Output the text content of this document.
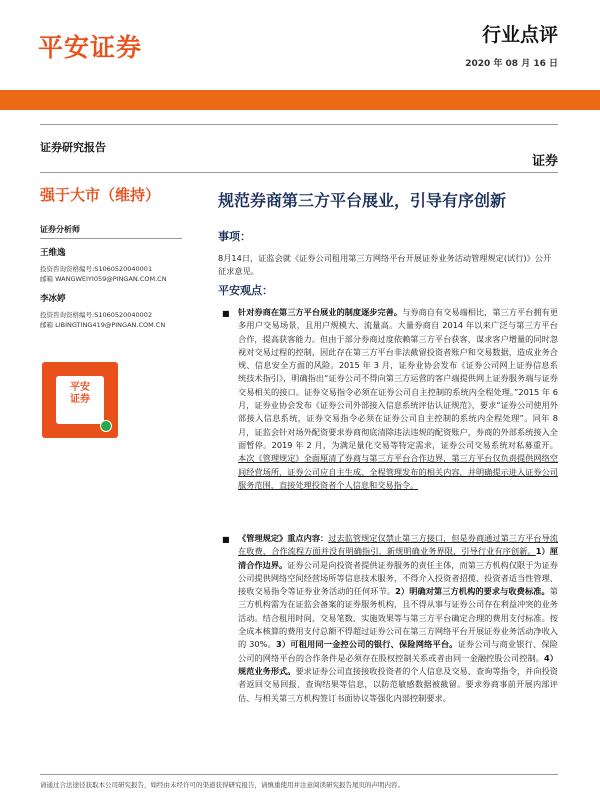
平安证券	行业点评
2020 年 08 月 16 日
证券研究报告
证券
强于大市（维持）	规范券商第三方平台展业，引导有序创新
证券分析师
王维逸
投资咨询资格编号:S1060520040001
邮箱 WANGWEIYI059@PINGAN.COM.CN
李冰婷
投资咨询资格编号:S1060520040002
邮箱 LIBINGTING419@PINGAN.COM.CN
平安
证券
事项：
8月14日，证监会就《证券公司租用第三方网络平台开展证券业务活动管理规定(试行)》公开征求意见。
平安观点：
■ 针对券商在第三方平台展业的制度逐步完善。与券商自有交易端相比，第三方平台拥有更多用户交易场景，且用户规模大、流量高。大量券商自 2014 年以来广泛与第三方平台合作，提高获客能力。但由于部分券商过度依赖第三方平台获客，谋求客户增量的同时忽视对交易过程的控制，因此存在第三方平台非法截留投资者账户和交易数据，造成业务合规、信息安全方面的风险。2015 年 3 月，证券业协会发布《证券公司网上证券信息系统技术指引》，明确指出“证券公司不得向第三方运营的客户端提供网上证券服务端与证券交易相关的接口。证券交易指令必须在证券公司自主控制的系统内全程处理。”2015 年 6 月，证券业协会发布《证券公司外部接入信息系统评估认证规范》，要求“证券公司使用外部接入信息系统，证券交易指令必须在证券公司自主控制的系统内全程处理”。同年 8 月，证监会针对场外配资要求券商彻底清除违法违规的配资账户，券商的外部系统接入全面暂停。2019 年 2 月，为满足量化交易等特定需求，证券公司交易系统对私募重开。本次《管理规定》全面厘清了券商与第三方平台合作边界，第三方平台仅负责提供网络空间经营场所，证券公司应自主生成、全程管理发布的相关内容，并明确提示进入证券公司服务范围，直接处理投资者个人信息和交易指令。
■ 《管理规定》重点内容：过去监管规定仅禁止第三方接口，但是券商通过第三方平台导流在收费、合作流程方面并没有明确指引，新规明确业务界限，引导行业有序创新。1）厘清合作边界。证券公司是向投资者提供证券服务的责任主体，而第三方机构仅限于为证券公司提供网络空间经营场所等信息技术服务，不得介入投资者招揽、投资者适当性管理、接收交易指令等证券业务活动的任何环节。2）明确对第三方机构的要求与收费标准。第三方机构需为在证监会备案的证券服务机构，且不得从事与证券公司存在利益冲突的业务活动。结合租用时间、交易笔数、实施效果等与第三方平台确定合理的费用支付标准。按全成本核算的费用支付总额不得超过证券公司在第三方网络平台开展证券业务活动净收入的 30%。3）可租用同一金控公司的银行、保险网络平台。证券公司与商业银行、保险公司的网络平台的合作条件是必须存在股权控制关系或者由同一金融控股公司控制。4）规范业务形式。要求证券公司直接接收投资者的个人信息及交易、查询等指令，并向投资者返回交易回报、查询结果等信息，以防范敏感数据被截留。要求券商事前开展内部评估、与相关第三方机构签订书面协议等强化内部控制要求。
请通过合法途径获取本公司研究报告，如经由未经许可的渠道获得研究报告，请慎重使用并注意阅读研究报告尾页的声明内容。
